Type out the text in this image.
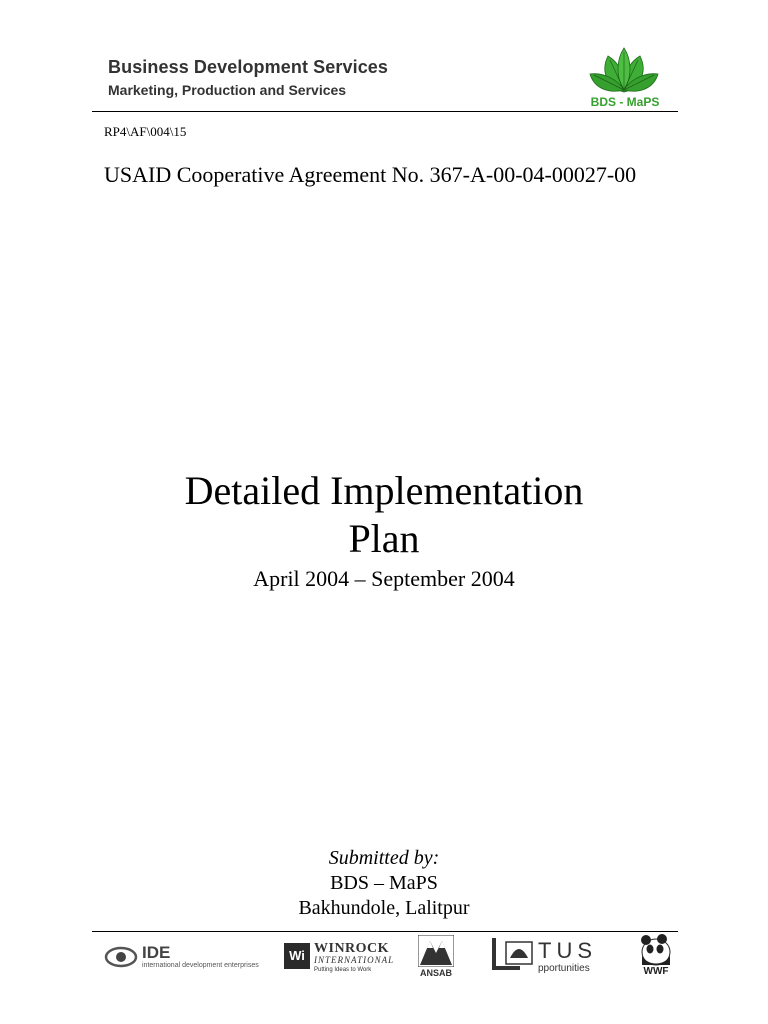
Business Development Services
Marketing, Production and Services
BDS - MaPS
RP4\AF\004\15
USAID Cooperative Agreement No. 367-A-00-04-00027-00
Detailed Implementation
Plan
April 2004 – September 2004
Submitted by:
BDS – MaPS
Bakhundole, Lalitpur
IDE
international development enterprises
Wi WINROCK
INTERNATIONAL
Putting Ideas to Work	ANSAB
TUS
pportunities	WWF
